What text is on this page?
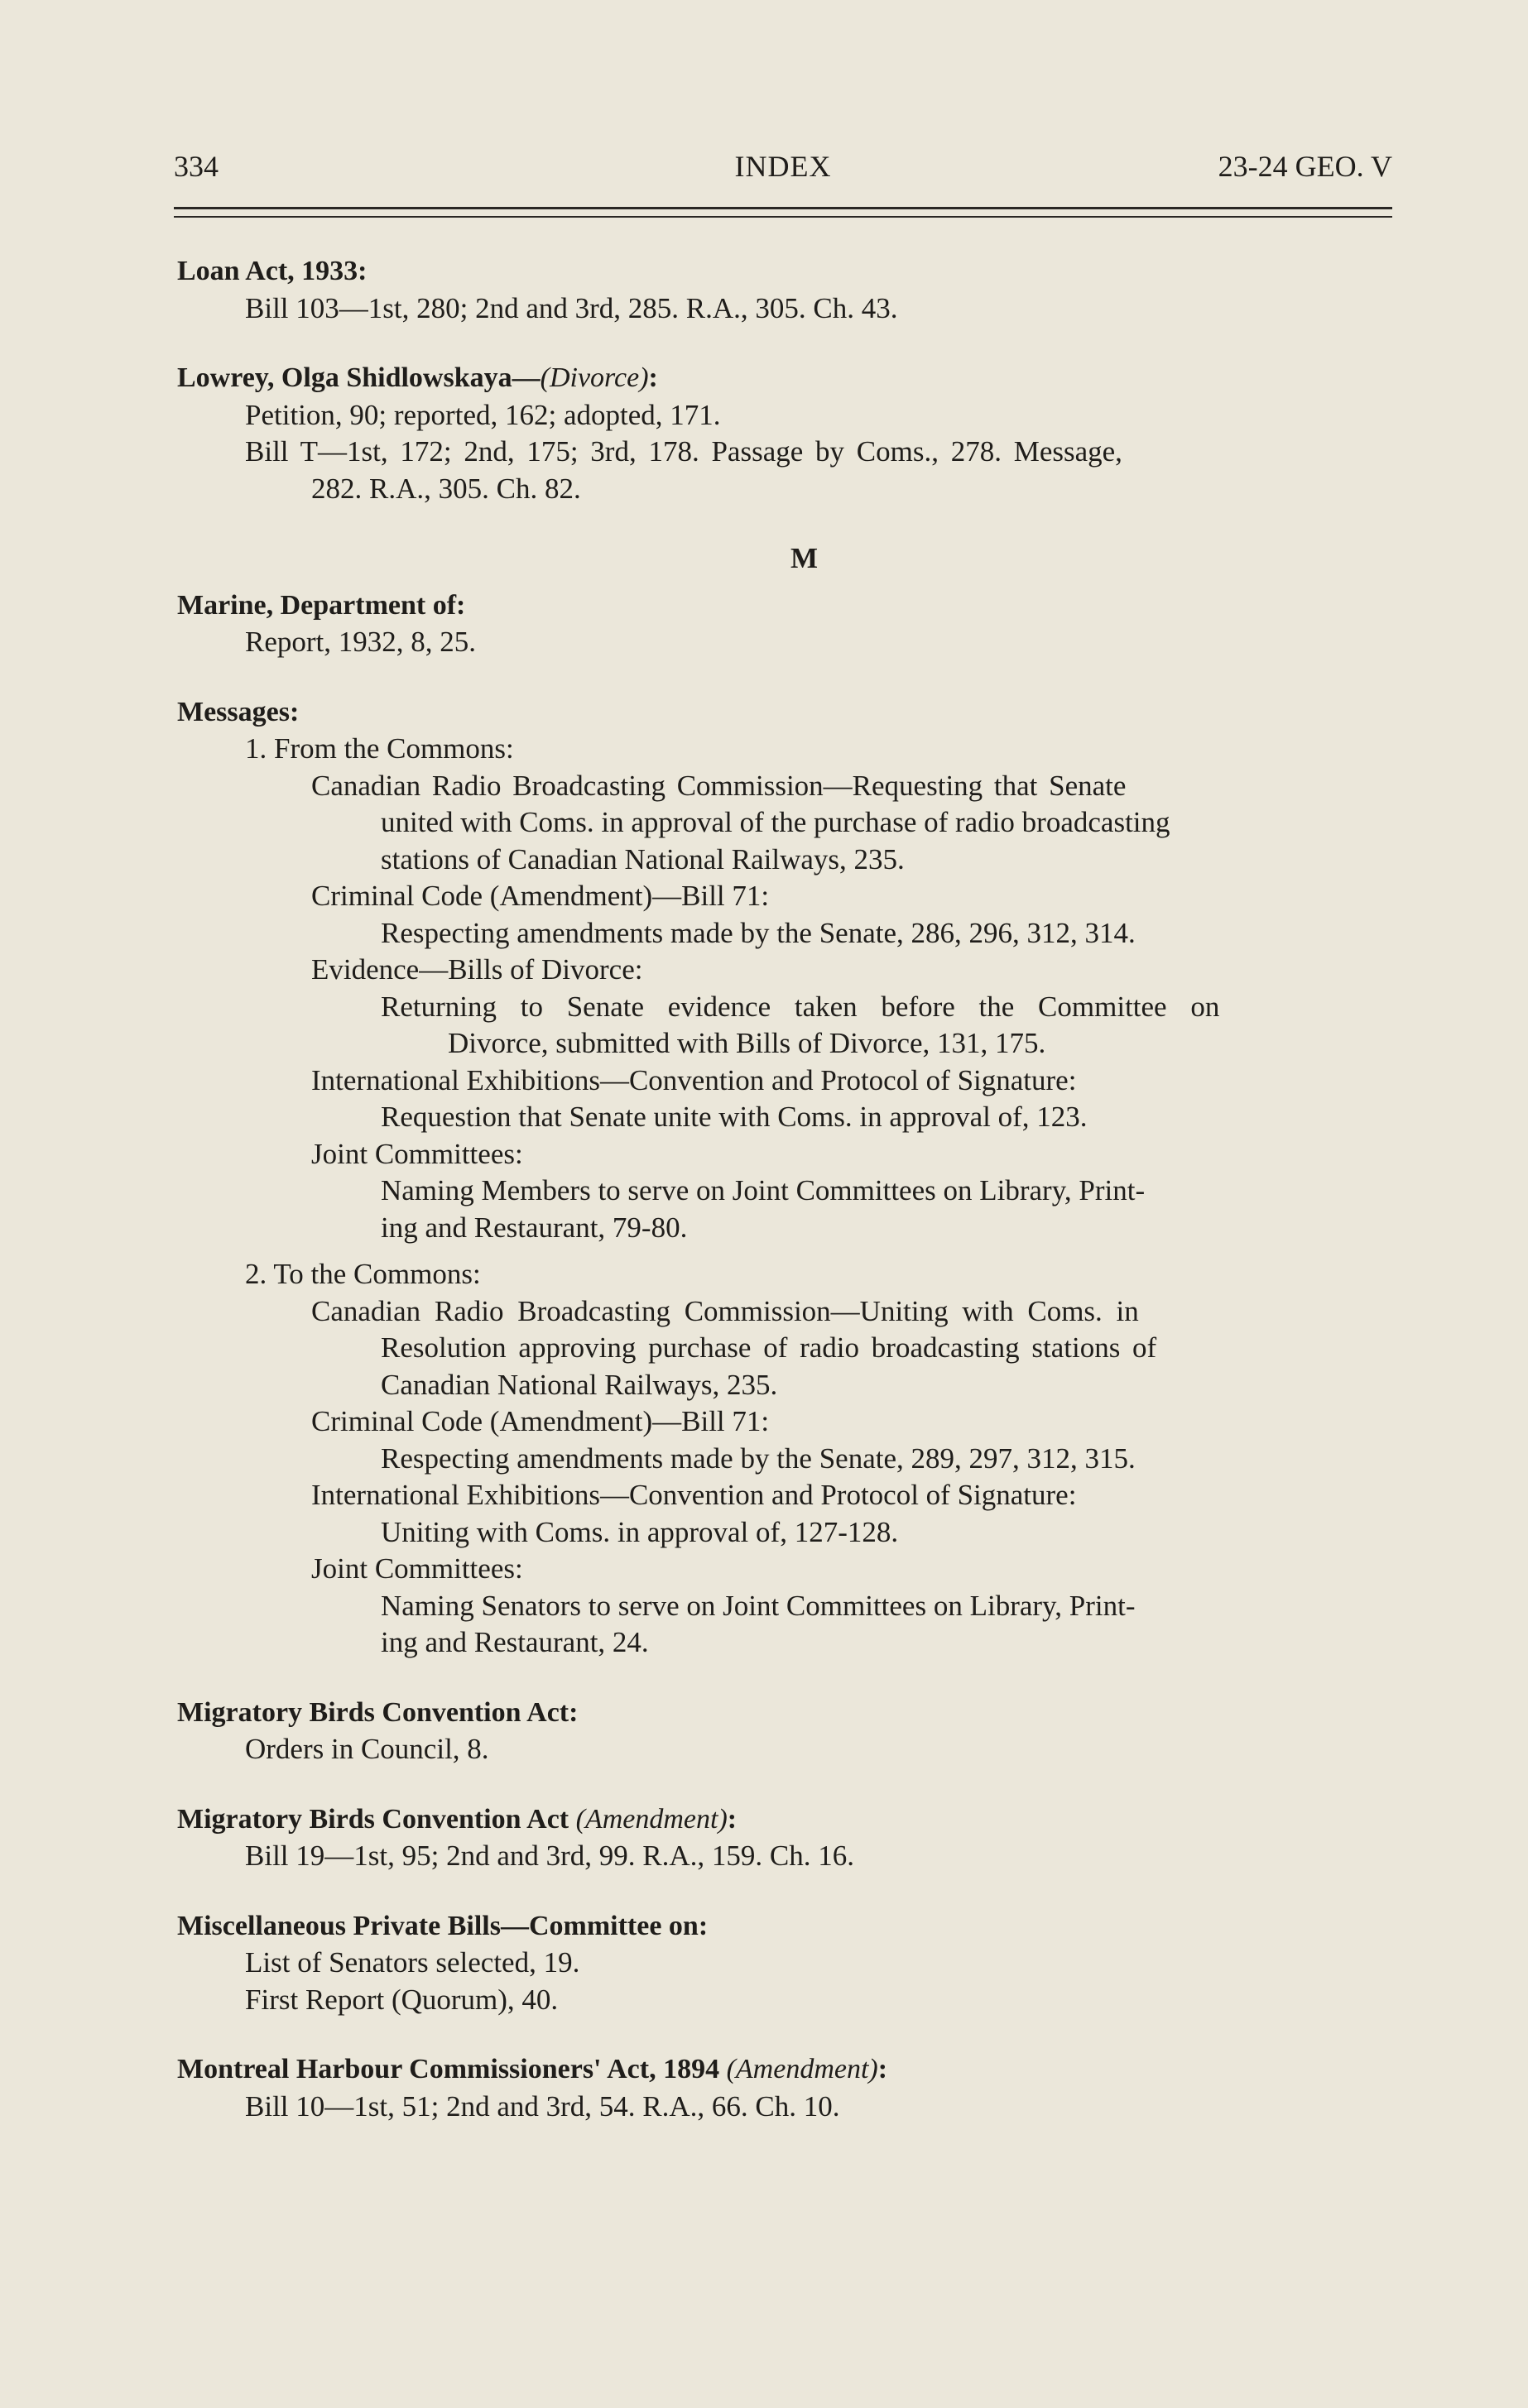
334	INDEX	23-24 GEO. V
Loan Act, 1933:
Bill 103—1st, 280; 2nd and 3rd, 285. R.A., 305. Ch. 43.
Lowrey, Olga Shidlowskaya—(Divorce):
Petition, 90; reported, 162; adopted, 171.
Bill T—1st, 172; 2nd, 175; 3rd, 178. Passage by Coms., 278. Message,
282. R.A., 305. Ch. 82.
M
Marine, Department of:
Report, 1932, 8, 25.
Messages:
1. From the Commons:
Canadian Radio Broadcasting Commission—Requesting that Senate
united with Coms. in approval of the purchase of radio broadcasting
stations of Canadian National Railways, 235.
Criminal Code (Amendment)—Bill 71:
Respecting amendments made by the Senate, 286, 296, 312, 314.
Evidence—Bills of Divorce:
Returning to Senate evidence taken before the Committee on
Divorce, submitted with Bills of Divorce, 131, 175.
International Exhibitions—Convention and Protocol of Signature:
Requestion that Senate unite with Coms. in approval of, 123.
Joint Committees:
Naming Members to serve on Joint Committees on Library, Print-
ing and Restaurant, 79-80.
2. To the Commons:
Canadian Radio Broadcasting Commission—Uniting with Coms. in
Resolution approving purchase of radio broadcasting stations of
Canadian National Railways, 235.
Criminal Code (Amendment)—Bill 71:
Respecting amendments made by the Senate, 289, 297, 312, 315.
International Exhibitions—Convention and Protocol of Signature:
Uniting with Coms. in approval of, 127-128.
Joint Committees:
Naming Senators to serve on Joint Committees on Library, Print-
ing and Restaurant, 24.
Migratory Birds Convention Act:
Orders in Council, 8.
Migratory Birds Convention Act (Amendment):
Bill 19—1st, 95; 2nd and 3rd, 99. R.A., 159. Ch. 16.
Miscellaneous Private Bills—Committee on:
List of Senators selected, 19.
First Report (Quorum), 40.
Montreal Harbour Commissioners' Act, 1894 (Amendment):
Bill 10—1st, 51; 2nd and 3rd, 54. R.A., 66. Ch. 10.
